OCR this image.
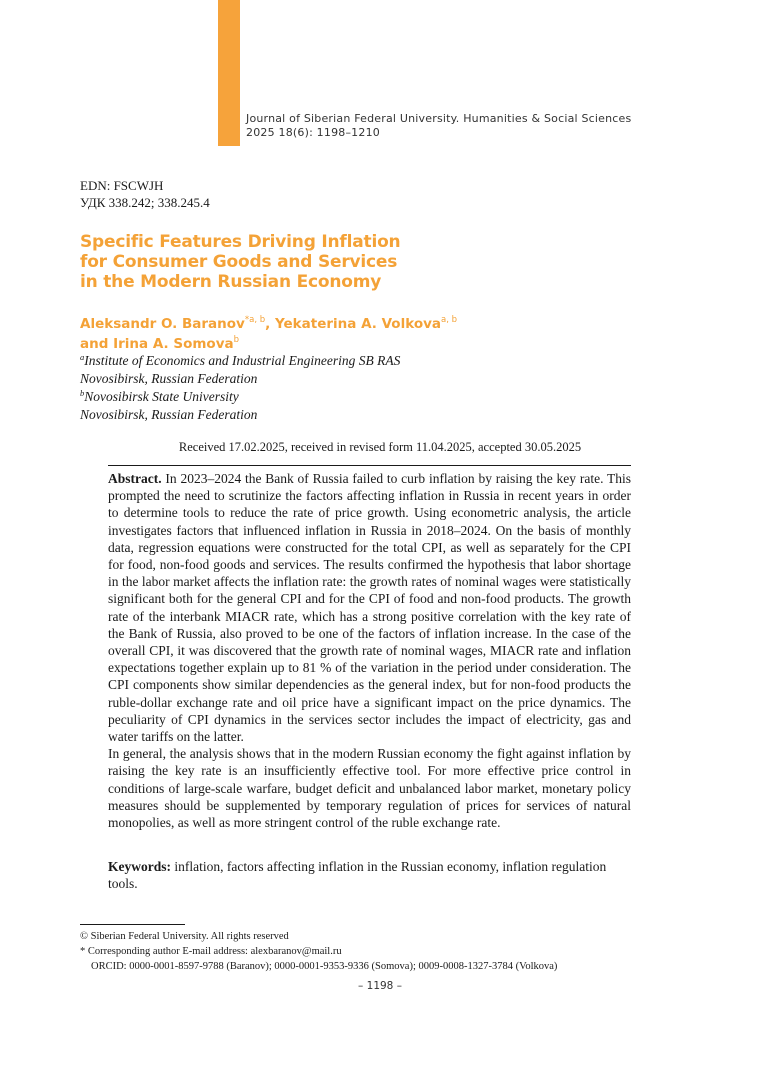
Journal of Siberian Federal University. Humanities & Social Sciences
2025 18(6): 1198–1210
EDN: FSCWJH
УДК 338.242; 338.245.4
Specific Features Driving Inflation
for Consumer Goods and Services
in the Modern Russian Economy
Aleksandr O. Baranov$^{*a, b}$, Yekaterina A. Volkova$^{a, b}$
and Irina A. Somova$^b$
$^a$Institute of Economics and Industrial Engineering SB RAS
Novosibirsk, Russian Federation
$^b$Novosibirsk State University
Novosibirsk, Russian Federation
Received 17.02.2025, received in revised form 11.04.2025, accepted 30.05.2025

Abstract. In 2023–2024 the Bank of Russia failed to curb inflation by raising the key rate. This prompted the need to scrutinize the factors affecting inflation in Russia in recent years in order to determine tools to reduce the rate of price growth. Using econometric analysis, the article investigates factors that influenced inflation in Russia in 2018–2024. On the basis of monthly data, regression equations were constructed for the total CPI, as well as separately for the CPI for food, non-food goods and services. The results confirmed the hypothesis that labor shortage in the labor market affects the inflation rate: the growth rates of nominal wages were statistically significant both for the general CPI and for the CPI of food and non-food products. The growth rate of the interbank MIACR rate, which has a strong positive correlation with the key rate of the Bank of Russia, also proved to be one of the factors of inflation increase. In the case of the overall CPI, it was discovered that the growth rate of nominal wages, MIACR rate and inflation expectations together explain up to 81 % of the variation in the period under consideration. The CPI components show similar dependencies as the general index, but for non-food products the ruble-dollar exchange rate and oil price have a significant impact on the price dynamics. The peculiarity of CPI dynamics in the services sector includes the impact of electricity, gas and water tariffs on the latter.

In general, the analysis shows that in the modern Russian economy the fight against inflation by raising the key rate is an insufficiently effective tool. For more effective price control in conditions of large-scale warfare, budget deficit and unbalanced labor market, monetary policy measures should be supplemented by temporary regulation of prices for services of natural monopolies, as well as more stringent control of the ruble exchange rate.

Keywords: inflation, factors affecting inflation in the Russian economy, inflation regulation tools.
© Siberian Federal University. All rights reserved
* Corresponding author E-mail address: alexbaranov@mail.ru
ORCID: 0000-0001-8597-9788 (Baranov); 0000-0001-9353-9336 (Somova); 0009-0008-1327-3784 (Volkova)
– 1198 –
